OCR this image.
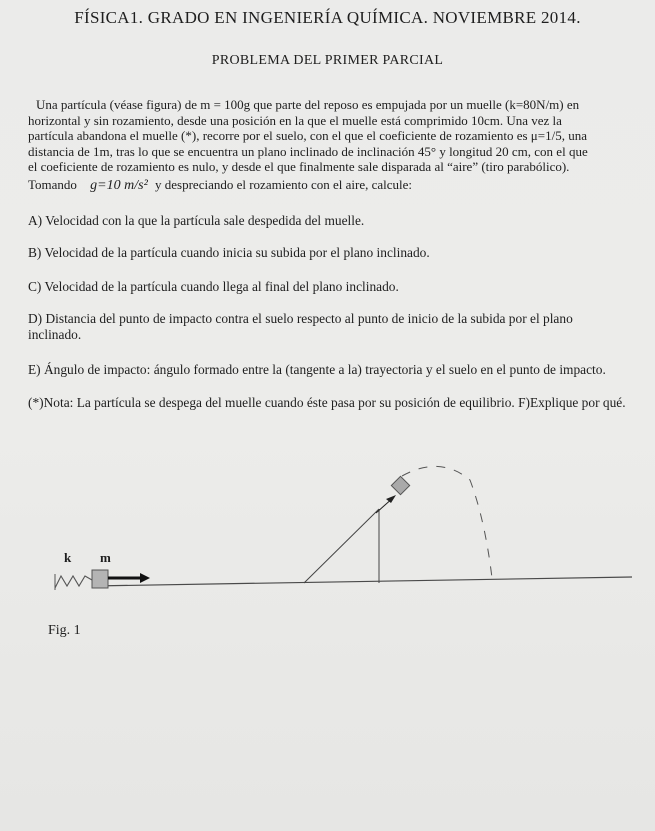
FÍSICA1. GRADO EN INGENIERÍA QUÍMICA. NOVIEMBRE 2014.
PROBLEMA DEL PRIMER PARCIAL
Una partícula (véase figura) de m = 100g que parte del reposo es empujada por un muelle (k=80N/m) en
horizontal y sin rozamiento, desde una posición en la que el muelle está comprimido 10cm. Una vez la
partícula abandona el muelle (*), recorre por el suelo, con el que el coeficiente de rozamiento es μ=1/5, una
distancia de 1m, tras lo que se encuentra un plano inclinado de inclinación 45° y longitud 20 cm, con el que
el coeficiente de rozamiento es nulo, y desde el que finalmente sale disparada al “aire” (tiro parabólico).
Tomando g=10 m/s² y despreciando el rozamiento con el aire, calcule:
A) Velocidad con la que la partícula sale despedida del muelle.
B) Velocidad de la partícula cuando inicia su subida por el plano inclinado.
C) Velocidad de la partícula cuando llega al final del plano inclinado.
D) Distancia del punto de impacto contra el suelo respecto al punto de inicio de la subida por el plano inclinado.
E) Ángulo de impacto: ángulo formado entre la (tangente a la) trayectoria y el suelo en el punto de impacto.
(*)Nota: La partícula se despega del muelle cuando éste pasa por su posición de equilibrio. F)Explique por qué.
k m
Fig. 1
